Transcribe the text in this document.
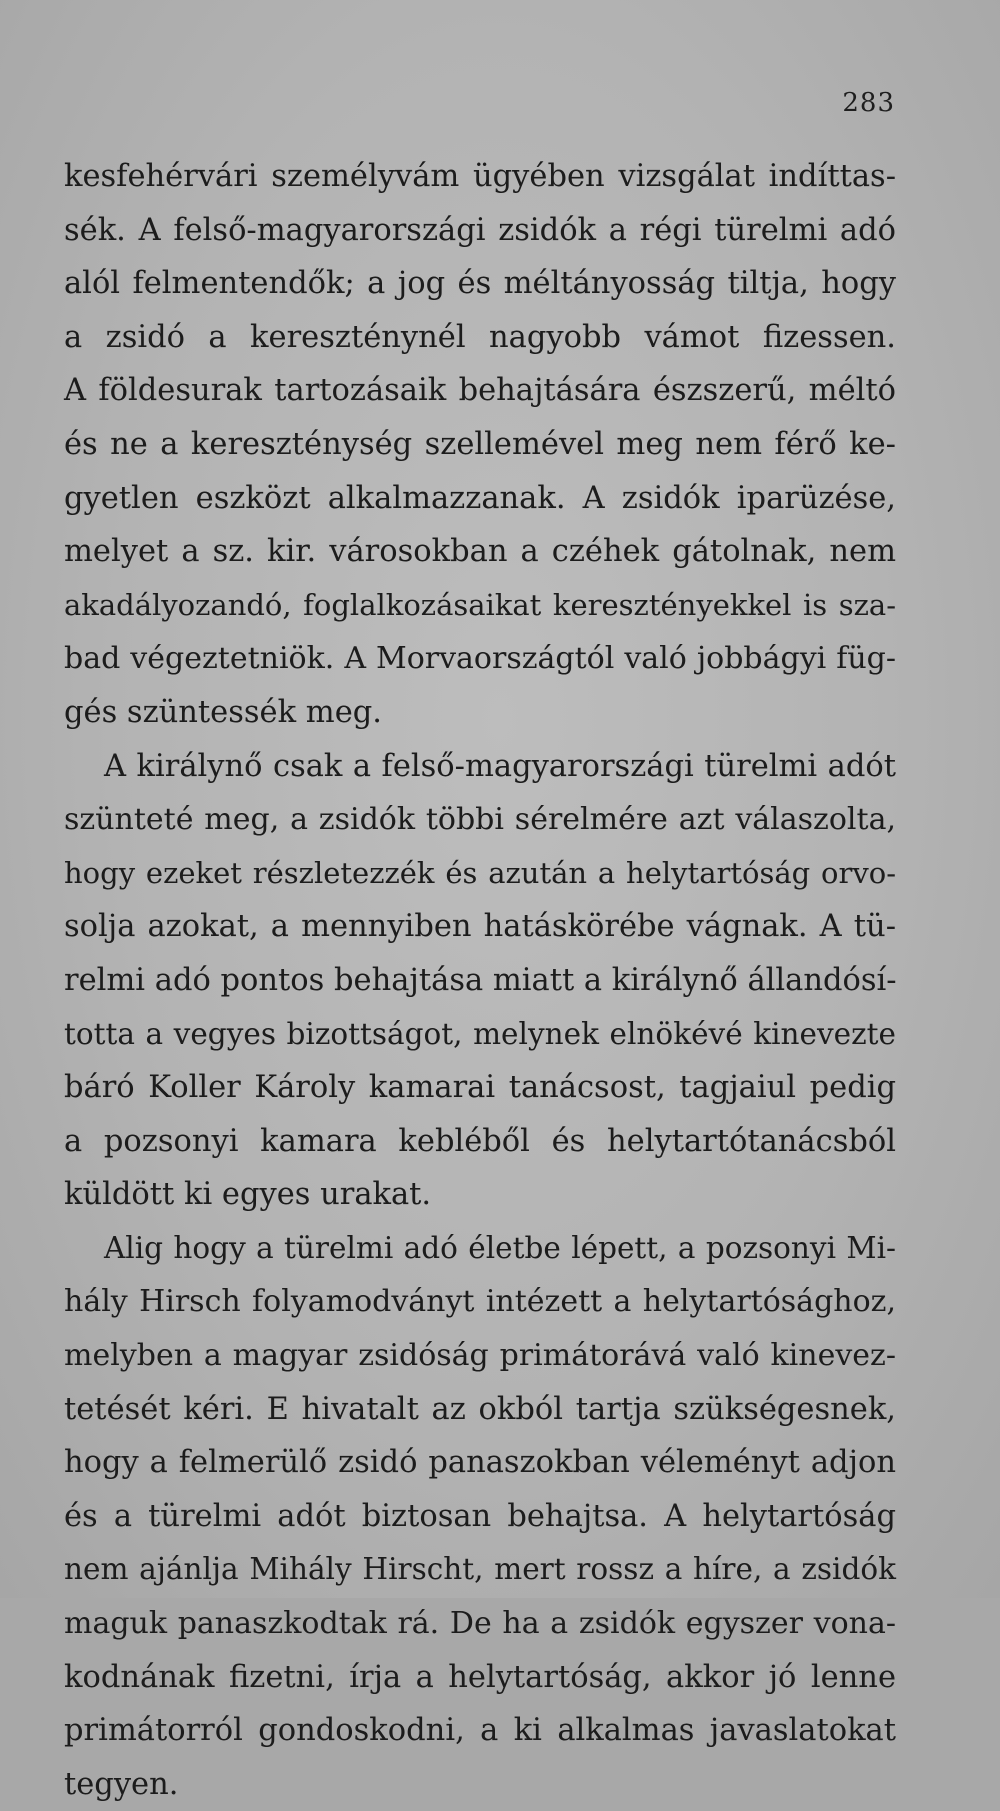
283
kesfehérvári személyvám ügyében vizsgálat indíttas-
sék. A felső-magyarországi zsidók a régi türelmi adó
alól felmentendők; a jog és méltányosság tiltja, hogy
a zsidó a kereszténynél nagyobb vámot fizessen.
A földesurak tartozásaik behajtására észszerű, méltó
és ne a kereszténység szellemével meg nem férő ke-
gyetlen eszközt alkalmazzanak. A zsidók iparüzése,
melyet a sz. kir. városokban a czéhek gátolnak, nem
akadályozandó, foglalkozásaikat keresztényekkel is sza-
bad végeztetniök. A Morvaországtól való jobbágyi füg-
gés szüntessék meg.
A királynő csak a felső-magyarországi türelmi adót
szünteté meg, a zsidók többi sérelmére azt válaszolta,
hogy ezeket részletezzék és azután a helytartóság orvo-
solja azokat, a mennyiben hatáskörébe vágnak. A tü-
relmi adó pontos behajtása miatt a királynő állandósí-
totta a vegyes bizottságot, melynek elnökévé kinevezte
báró Koller Károly kamarai tanácsost, tagjaiul pedig
a pozsonyi kamara kebléből és helytartótanácsból
küldött ki egyes urakat.
Alig hogy a türelmi adó életbe lépett, a pozsonyi Mi-
hály Hirsch folyamodványt intézett a helytartósághoz,
melyben a magyar zsidóság primátorává való kinevez-
tetését kéri. E hivatalt az okból tartja szükségesnek,
hogy a felmerülő zsidó panaszokban véleményt adjon
és a türelmi adót biztosan behajtsa. A helytartóság
nem ajánlja Mihály Hirscht, mert rossz a híre, a zsidók
maguk panaszkodtak rá. De ha a zsidók egyszer vona-
kodnának fizetni, írja a helytartóság, akkor jó lenne
primátorról gondoskodni, a ki alkalmas javaslatokat
tegyen.
